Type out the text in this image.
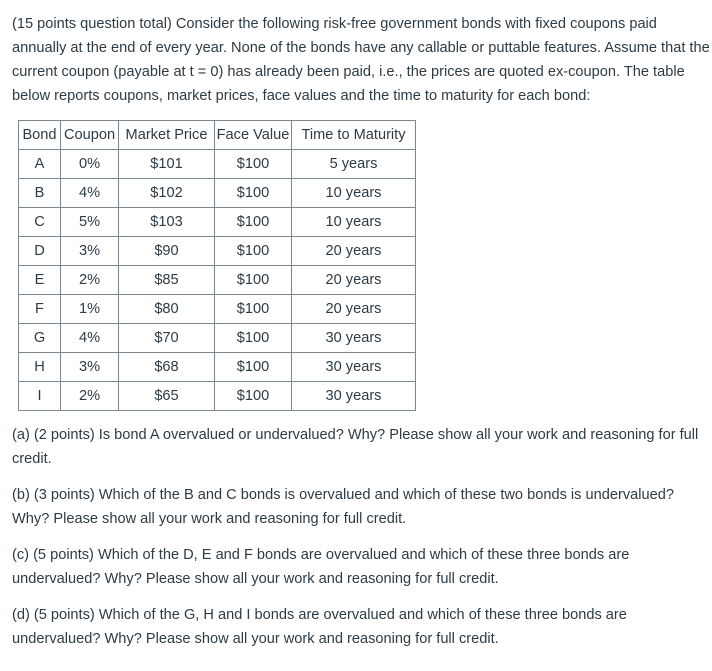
(15 points question total) Consider the following risk-free government bonds with fixed coupons paid annually at the end of every year. None of the bonds have any callable or puttable features. Assume that the current coupon (payable at t = 0) has already been paid, i.e., the prices are quoted ex-coupon. The table below reports coupons, market prices, face values and the time to maturity for each bond:

Bond	Coupon	Market Price	Face Value	Time to Maturity
A	0%	$101	$100	5 years
B	4%	$102	$100	10 years
C	5%	$103	$100	10 years
D	3%	$90	$100	20 years
E	2%	$85	$100	20 years
F	1%	$80	$100	20 years
G	4%	$70	$100	30 years
H	3%	$68	$100	30 years
I	2%	$65	$100	30 years

(a) (2 points) Is bond A overvalued or undervalued? Why? Please show all your work and reasoning for full credit.

(b) (3 points) Which of the B and C bonds is overvalued and which of these two bonds is undervalued? Why? Please show all your work and reasoning for full credit.

(c) (5 points) Which of the D, E and F bonds are overvalued and which of these three bonds are undervalued? Why? Please show all your work and reasoning for full credit.

(d) (5 points) Which of the G, H and I bonds are overvalued and which of these three bonds are undervalued? Why? Please show all your work and reasoning for full credit.
